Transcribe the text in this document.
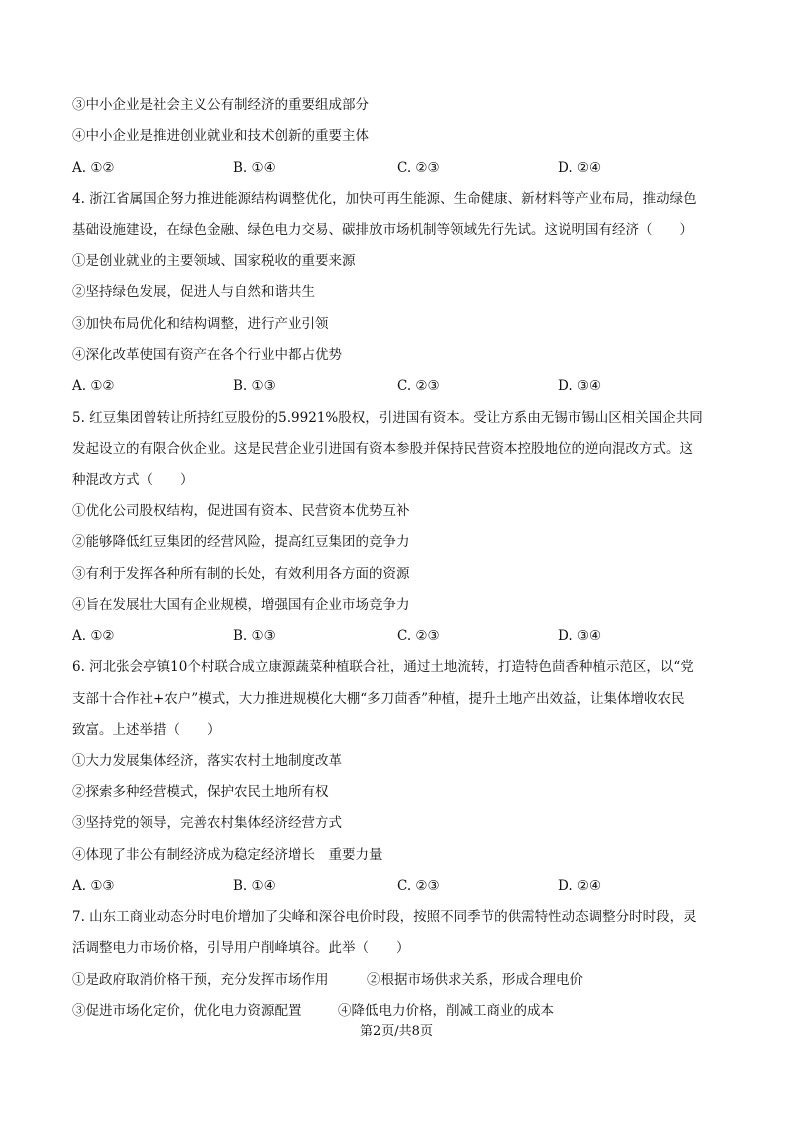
③中小企业是社会主义公有制经济的重要组成部分
④中小企业是推进创业就业和技术创新的重要主体
A. ①②	B. ①④	C. ②③	D. ②④
4. 浙江省属国企努力推进能源结构调整优化，加快可再生能源、生命健康、新材料等产业布局，推动绿色
基础设施建设，在绿色金融、绿色电力交易、碳排放市场机制等领域先行先试。这说明国有经济（　　）
①是创业就业的主要领域、国家税收的重要来源
②坚持绿色发展，促进人与自然和谐共生
③加快布局优化和结构调整，进行产业引领
④深化改革使国有资产在各个行业中都占优势
A. ①②	B. ①③	C. ②③	D. ③④
5. 红豆集团曾转让所持红豆股份的5.9921%股权，引进国有资本。受让方系由无锡市锡山区相关国企共同
发起设立的有限合伙企业。这是民营企业引进国有资本参股并保持民营资本控股地位的逆向混改方式。这
种混改方式（　　）
①优化公司股权结构，促进国有资本、民营资本优势互补
②能够降低红豆集团的经营风险，提高红豆集团的竞争力
③有利于发挥各种所有制的长处，有效利用各方面的资源
④旨在发展壮大国有企业规模，增强国有企业市场竞争力
A. ①②	B. ①③	C. ②③	D. ③④
6. 河北张会亭镇10个村联合成立康源蔬菜种植联合社，通过土地流转，打造特色茴香种植示范区，以“党
支部十合作社+农户”模式，大力推进规模化大棚“多刀茴香”种植，提升土地产出效益，让集体增收农民
致富。上述举措（　　）
①大力发展集体经济，落实农村土地制度改革
②探索多种经营模式，保护农民土地所有权
③坚持党的领导，完善农村集体经济经营方式
④体现了非公有制经济成为稳定经济增长　重要力量
A. ①③	B. ①④	C. ②③	D. ②④
7. 山东工商业动态分时电价增加了尖峰和深谷电价时段，按照不同季节的供需特性动态调整分时时段，灵
活调整电力市场价格，引导用户削峰填谷。此举（　　）
①是政府取消价格干预，充分发挥市场作用	②根据市场供求关系，形成合理电价
③促进市场化定价，优化电力资源配置	④降低电力价格，削减工商业的成本
第2页/共8页
